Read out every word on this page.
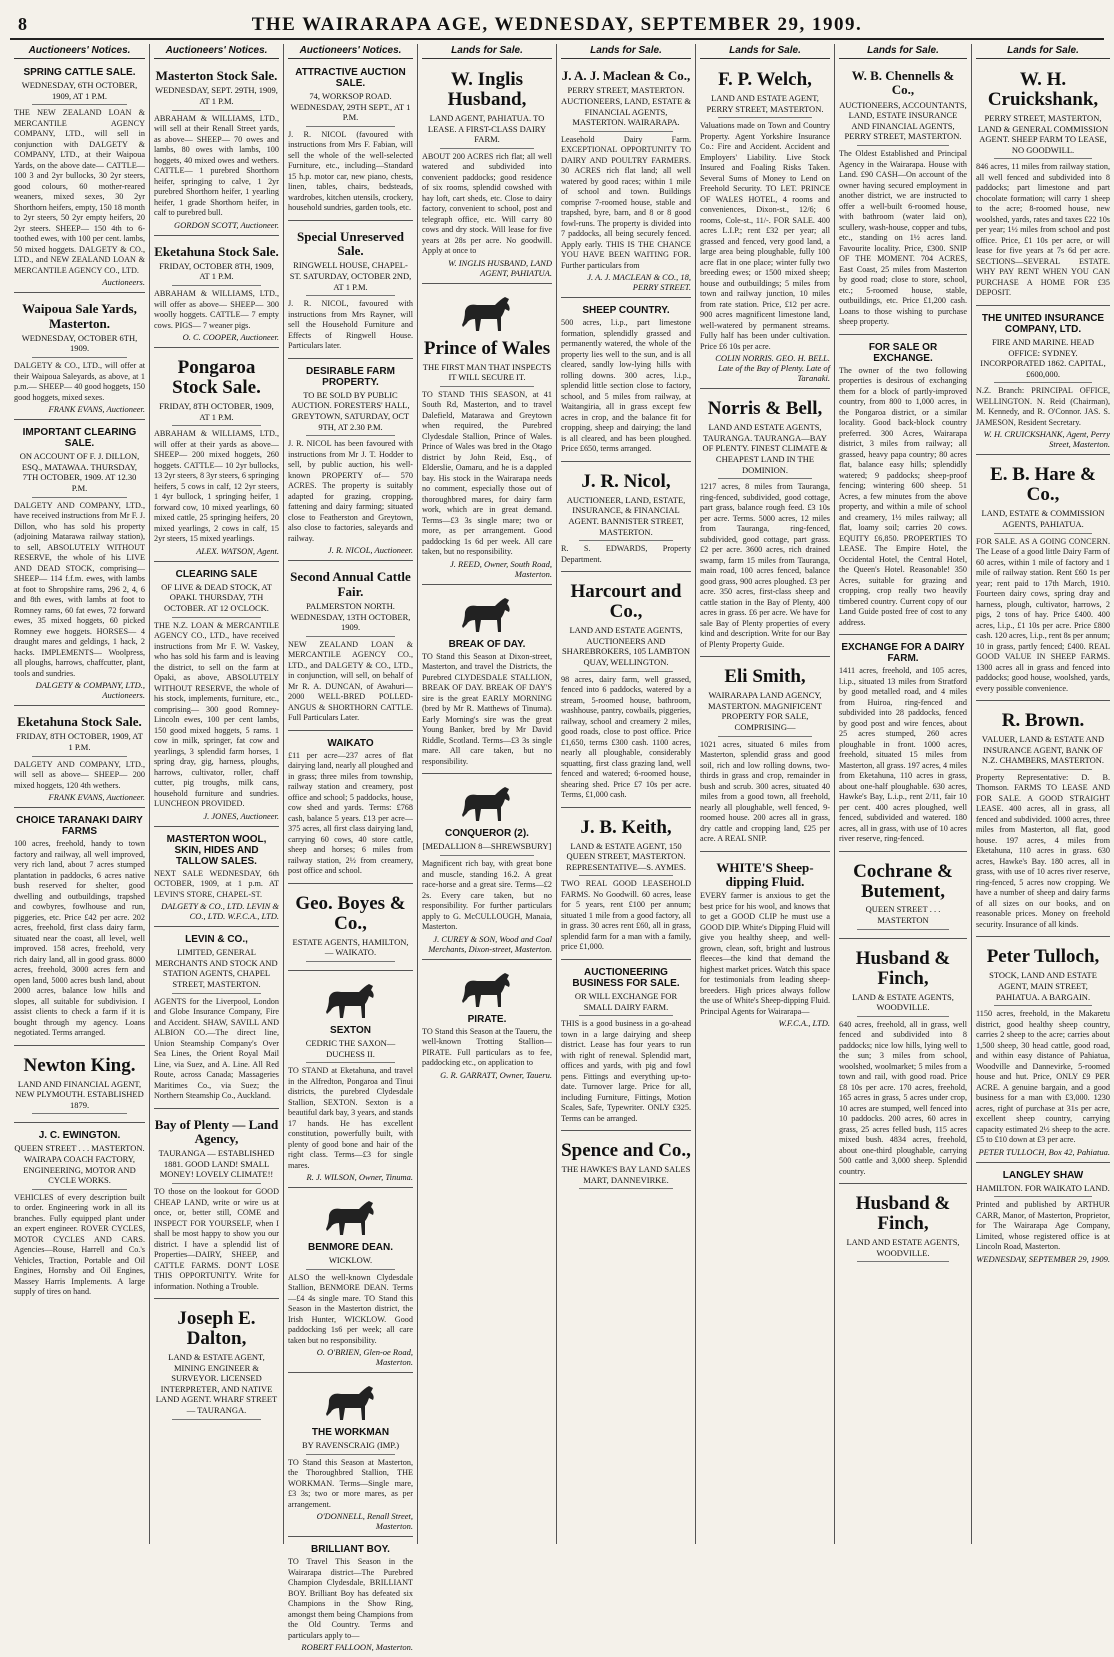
8	THE WAIRARAPA AGE, WEDNESDAY, SEPTEMBER 29, 1909.
Auctioneers' Notices.
SPRING CATTLE SALE.
WEDNESDAY, 6TH OCTOBER, 1909, AT 1 P.M.

THE NEW ZEALAND LOAN & MERCANTILE AGENCY COMPANY, LTD., will sell in conjunction with DALGETY & COMPANY, LTD., at their Waipoua Yards, on the above date— CATTLE— 100 3 and 2yr bullocks, 30 2yr steers, good colours, 60 mother-reared weaners, mixed sexes, 30 2yr Shorthorn heifers, empty, 150 18 month to 2yr steers, 50 2yr empty heifers, 20 2yr steers. SHEEP— 150 4th to 6-toothed ewes, with 100 per cent. lambs, 50 mixed hoggets. DALGETY & CO., LTD., and NEW ZEALAND LOAN & MERCANTILE AGENCY CO., LTD.

Auctioneers.
Waipoua Sale Yards, Masterton.
WEDNESDAY, OCTOBER 6TH, 1909.

DALGETY & CO., LTD., will offer at their Waipoua Saleyards, as above, at 1 p.m.— SHEEP— 40 good hoggets, 150 good hoggets, mixed sexes.

FRANK EVANS, Auctioneer.
IMPORTANT CLEARING SALE.
ON ACCOUNT OF F. J. DILLON, ESQ., MATAWAA. THURSDAY, 7TH OCTOBER, 1909. AT 12.30 P.M.

DALGETY AND COMPANY, LTD., have received instructions from Mr F. J. Dillon, who has sold his property (adjoining Matarawa railway station), to sell, ABSOLUTELY WITHOUT RESERVE, the whole of his LIVE AND DEAD STOCK, comprising— SHEEP— 114 f.f.m. ewes, with lambs at foot to Shropshire rams, 296 2, 4, 6 and 8th ewes, with lambs at foot to Romney rams, 60 fat ewes, 72 forward ewes, 35 mixed hoggets, 60 picked Romney ewe hoggets. HORSES— 4 draught mares and geldings, 1 hack, 2 hacks. IMPLEMENTS— Woolpress, all ploughs, harrows, chaffcutter, plant, tools and sundries.

DALGETY & COMPANY, LTD., Auctioneers.
Eketahuna Stock Sale.
FRIDAY, 8TH OCTOBER, 1909, AT 1 P.M.

DALGETY AND COMPANY, LTD., will sell as above— SHEEP— 200 mixed hoggets, 120 4th wethers.

FRANK EVANS, Auctioneer.
CHOICE TARANAKI DAIRY FARMS

100 acres, freehold, handy to town factory and railway, all well improved, very rich land, about 7 acres stumped plantation in paddocks, 6 acres native bush reserved for shelter, good dwelling and outbuildings, trapshed and cowbyres, fowlhouse and run, piggeries, etc. Price £42 per acre. 202 acres, freehold, first class dairy farm, situated near the coast, all level, well improved. 158 acres, freehold, very rich dairy land, all in good grass. 8000 acres, freehold, 3000 acres fern and open land, 5000 acres bush land, about 2000 acres, balance low hills and slopes, all suitable for subdivision. I assist clients to check a farm if it is bought through my agency. Loans negotiated. Terms arranged.

Newton King.
LAND AND FINANCIAL AGENT, NEW PLYMOUTH. ESTABLISHED 1879.
J. C. EWINGTON.
QUEEN STREET . . . MASTERTON. WAIRAPA COACH FACTORY, ENGINEERING, MOTOR AND CYCLE WORKS.

VEHICLES of every description built to order. Engineering work in all its branches. Fully equipped plant under an expert engineer. ROVER CYCLES, MOTOR CYCLES AND CARS. Agencies—Rouse, Harrell and Co.'s Vehicles, Traction, Portable and Oil Engines, Hornsby and Oil Engines, Massey Harris Implements. A large supply of tires on hand.

Auctioneers' Notices.
Masterton Stock Sale.
WEDNESDAY, SEPT. 29TH, 1909, AT 1 P.M.

ABRAHAM & WILLIAMS, LTD., will sell at their Renall Street yards, as above— SHEEP— 70 owes and lambs, 80 owes with lambs, 100 hoggets, 40 mixed owes and wethers. CATTLE— 1 purebred Shorthorn heifer, springing to calve, 1 2yr purebred Shorthorn heifer, 1 yearling heifer, 1 grade Shorthorn heifer, in calf to purebred bull.

GORDON SCOTT, Auctioneer.
Eketahuna Stock Sale.
FRIDAY, OCTOBER 8TH, 1909, AT 1 P.M.

ABRAHAM & WILLIAMS, LTD., will offer as above— SHEEP— 300 woolly hoggets. CATTLE— 7 empty cows. PIGS— 7 weaner pigs.

O. C. COOPER, Auctioneer.
Pongaroa Stock Sale.
FRIDAY, 8TH OCTOBER, 1909, AT 1 P.M.

ABRAHAM & WILLIAMS, LTD., will offer at their yards as above— SHEEP— 200 mixed hoggets, 260 hoggets. CATTLE— 10 2yr bullocks, 13 2yr steers, 8 3yr steers, 6 springing heifers, 5 cows in calf, 12 2yr steers, 1 4yr bullock, 1 springing heifer, 1 forward cow, 10 mixed yearlings, 60 mixed cattle, 25 springing heifers, 20 mixed yearlings, 2 cows in calf, 15 2yr steers, 15 mixed yearlings.

ALEX. WATSON, Agent.
CLEARING SALE
OF LIVE & DEAD STOCK, AT OPAKI. THURSDAY, 7TH OCTOBER. AT 12 O'CLOCK.

THE N.Z. LOAN & MERCANTILE AGENCY CO., LTD., have received instructions from Mr F. W. Vaskey, who has sold his farm and is leaving the district, to sell on the farm at Opaki, as above, ABSOLUTELY WITHOUT RESERVE, the whole of his stock, implements, furniture, etc., comprising— 300 good Romney-Lincoln ewes, 100 per cent lambs, 150 good mixed hoggets, 5 rams. 1 cow in milk, springer, fat cow and yearlings, 3 splendid farm horses, 1 spring dray, gig, harness, ploughs, harrows, cultivator, roller, chaff cutter, pig troughs, milk cans, household furniture and sundries. LUNCHEON PROVIDED.

J. JONES, Auctioneer.
MASTERTON WOOL, SKIN, HIDES AND TALLOW SALES.

NEXT SALE WEDNESDAY, 6th OCTOBER, 1909, at 1 p.m. AT LEVIN'S STORE, CHAPEL-ST.

DALGETY & CO., LTD. LEVIN & CO., LTD. W.F.C.A., LTD.
LEVIN & CO.,
LIMITED, GENERAL MERCHANTS AND STOCK AND STATION AGENTS, CHAPEL STREET, MASTERTON.

AGENTS for the Liverpool, London and Globe Insurance Company, Fire and Accident. SHAW, SAVILL AND ALBION CO.—The direct line, Union Steamship Company's Over Sea Lines, the Orient Royal Mail Line, via Suez, and A. Line. All Red Route, across Canada; Massageries Maritimes Co., via Suez; the Northern Steamship Co., Auckland.

Bay of Plenty — Land Agency,
TAURANGA — ESTABLISHED 1881. GOOD LAND! SMALL MONEY! LOVELY CLIMATE!!

TO those on the lookout for GOOD CHEAP LAND, write or wire us at once, or, better still, COME and INSPECT FOR YOURSELF, when I shall be most happy to show you our district. I have a splendid list of Properties—DAIRY, SHEEP, and CATTLE FARMS. DON'T LOSE THIS OPPORTUNITY. Write for information. Nothing a Trouble.

Joseph E. Dalton,
LAND & ESTATE AGENT, MINING ENGINEER & SURVEYOR. LICENSED INTERPRETER, AND NATIVE LAND AGENT. WHARF STREET — TAURANGA.
Auctioneers' Notices.
ATTRACTIVE AUCTION SALE.
74, WORKSOP ROAD. WEDNESDAY, 29TH SEPT., AT 1 P.M.

J. R. NICOL (favoured with instructions from Mrs F. Fabian, will sell the whole of the well-selected Furniture, etc., including—Standard 15 h.p. motor car, new piano, chests, linen, tables, chairs, bedsteads, wardrobes, kitchen utensils, crockery, household sundries, garden tools, etc.

Special Unreserved Sale.
RINGWELL HOUSE, CHAPEL-ST. SATURDAY, OCTOBER 2ND, AT 1 P.M.

J. R. NICOL, favoured with instructions from Mrs Rayner, will sell the Household Furniture and Effects of Ringwell House. Particulars later.

DESIRABLE FARM PROPERTY.
TO BE SOLD BY PUBLIC AUCTION. FORESTERS' HALL, GREYTOWN, SATURDAY, OCT 9TH, AT 2.30 P.M.

J. R. NICOL has been favoured with instructions from Mr J. T. Hodder to sell, by public auction, his well-known PROPERTY of— 570 ACRES. The property is suitably adapted for grazing, cropping, fattening and dairy farming; situated close to Featherston and Greytown, also close to factories, saleyards and railway.

J. R. NICOL, Auctioneer.
Second Annual Cattle Fair.
PALMERSTON NORTH. WEDNESDAY, 13TH OCTOBER, 1909.

NEW ZEALAND LOAN & MERCANTILE AGENCY CO., LTD., and DALGETY & CO., LTD., in conjunction, will sell, on behalf of Mr R. A. DUNCAN, of Awahuri— 2000 WELL-BRED POLLED-ANGUS & SHORTHORN CATTLE. Full Particulars Later.

WAIKATO

£11 per acre—237 acres of flat dairying land, nearly all ploughed and in grass; three miles from township, railway station and creamery, post office and school; 5 paddocks, house, cow shed and yards. Terms: £768 cash, balance 5 years. £13 per acre—375 acres, all first class dairying land, carrying 60 cows, 40 store cattle, sheep and horses; 6 miles from railway station, 2½ from creamery, post office and school.

Geo. Boyes & Co.,
ESTATE AGENTS, HAMILTON, — WAIKATO.
SEXTON
CEDRIC THE SAXON—DUCHESS II.

TO STAND at Eketahuna, and travel in the Alfredton, Pongaroa and Tinui districts, the purebred Clydesdale Stallion, SEXTON. Sexton is a beautiful dark bay, 3 years, and stands 17 hands. He has excellent constitution, powerfully built, with plenty of good bone and hair of the right class. Terms—£3 for single mares.

R. J. WILSON, Owner, Tinuma.
BENMORE DEAN.
WICKLOW.

ALSO the well-known Clydesdale Stallion, BENMORE DEAN. Terms—£4 4s single mare. TO Stand this Season in the Masterton district, the Irish Hunter, WICKLOW. Good paddocking 1s6 per week; all care taken but no responsibility.

O. O'BRIEN, Glen-oe Road, Masterton.
THE WORKMAN
BY RAVENSCRAIG (IMP.)

TO Stand this Season at Masterton, the Thoroughbred Stallion, THE WORKMAN. Terms—Single mare, £3 3s; two or more mares, as per arrangement.

O'DONNELL, Renall Street, Masterton.
BRILLIANT BOY.

TO Travel This Season in the Wairarapa district—The Purebred Champion Clydesdale, BRILLIANT BOY. Brilliant Boy has defeated six Champions in the Show Ring, amongst them being Champions from the Old Country. Terms and particulars apply to—

ROBERT FALLOON, Masterton.
Lands for Sale.
W. Inglis Husband,
LAND AGENT, PAHIATUA. TO LEASE. A FIRST-CLASS DAIRY FARM.

ABOUT 200 ACRES rich flat; all well watered and subdivided into convenient paddocks; good residence of six rooms, splendid cowshed with hay loft, cart sheds, etc. Close to dairy factory, convenient to school, post and telegraph office, etc. Will carry 80 cows and dry stock. Will lease for five years at 28s per acre. No goodwill. Apply at once to

W. INGLIS HUSBAND, LAND AGENT, PAHIATUA.
Prince of Wales
THE FIRST MAN THAT INSPECTS IT WILL SECURE IT.

TO STAND THIS SEASON, at 41 South Rd, Masterton, and to travel Dalefield, Matarawa and Greytown when required, the Purebred Clydesdale Stallion, Prince of Wales. Prince of Wales was bred in the Otago district by John Reid, Esq., of Elderslie, Oamaru, and he is a dappled bay. His stock in the Wairarapa needs no comment, especially those out of thoroughbred mares, for dairy farm work, which are in great demand. Terms—£3 3s single mare; two or more, as per arrangement. Good paddocking 1s 6d per week. All care taken, but no responsibility.

J. REED, Owner, South Road, Masterton.
BREAK OF DAY.

TO Stand this Season at Dixon-street, Masterton, and travel the Districts, the Purebred CLYDESDALE STALLION, BREAK OF DAY. BREAK OF DAY'S sire is the great EARLY MORNING (bred by Mr R. Matthews of Tinuma). Early Morning's sire was the great Young Banker, bred by Mr David Riddle, Scotland. Terms—£3 3s single mare. All care taken, but no responsibility.

CONQUEROR (2).
[MEDALLION 8—SHREWSBURY]

Magnificent rich bay, with great bone and muscle, standing 16.2. A great race-horse and a great sire. Terms—£2 2s. Every care taken, but no responsibility. For further particulars apply to G. McCULLOUGH, Manaia, Masterton.

J. CUREY & SON, Wood and Coal Merchants, Dixon-street, Masterton.
PIRATE.

TO Stand this Season at the Taueru, the well-known Trotting Stallion—PIRATE. Full particulars as to fee, paddocking etc., on application to

G. R. GARRATT, Owner, Taueru.
Lands for Sale.
J. A. J. Maclean & Co.,
PERRY STREET, MASTERTON. AUCTIONEERS, LAND, ESTATE & FINANCIAL AGENTS, MASTERTON. WAIRARAPA.

Leasehold Dairy Farm. EXCEPTIONAL OPPORTUNITY TO DAIRY AND POULTRY FARMERS. 30 ACRES rich flat land; all well watered by good races; within 1 mile of school and town. Buildings comprise 7-roomed house, stable and trapshed, byre, barn, and 8 or 8 good fowl-runs. The property is divided into 7 paddocks, all being securely fenced. Apply early. THIS IS THE CHANCE YOU HAVE BEEN WAITING FOR. Further particulars from

J. A. J. MACLEAN & CO., 18, PERRY STREET.
SHEEP COUNTRY.

500 acres, l.i.p., part limestone formation, splendidly grassed and permanently watered, the whole of the property lies well to the sun, and is all cleared, sandly low-lying hills with rolling downs. 300 acres, l.i.p., splendid little section close to factory, school, and 5 miles from railway, at Waitangiria, all in grass except few acres in crop, and the balance fit for cropping, sheep and dairying; the land is all cleared, and has been ploughed. Price £650, terms arranged.

J. R. Nicol,
AUCTIONEER, LAND, ESTATE, INSURANCE, & FINANCIAL AGENT. BANNISTER STREET, MASTERTON.

R. S. EDWARDS, Property Department.

Harcourt and Co.,
LAND AND ESTATE AGENTS, AUCTIONEERS AND SHAREBROKERS, 105 LAMBTON QUAY, WELLINGTON.

98 acres, dairy farm, well grassed, fenced into 6 paddocks, watered by a stream, 5-roomed house, bathroom, washhouse, pantry, cowbails, piggeries, railway, school and creamery 2 miles, good roads, close to post office. Price £1,650, terms £300 cash. 1100 acres, nearly all ploughable, considerably squatting, first class grazing land, well fenced and watered; 6-roomed house, shearing shed. Price £7 10s per acre. Terms, £1,000 cash.

J. B. Keith,
LAND & ESTATE AGENT, 150 QUEEN STREET, MASTERTON. REPRESENTATIVE—S. AYMES.

TWO REAL GOOD LEASEHOLD FARMS. No Goodwill. 60 acres, lease for 5 years, rent £100 per annum; situated 1 mile from a good factory, all in grass. 30 acres rent £60, all in grass, splendid farm for a man with a family, price £1,000.

AUCTIONEERING BUSINESS FOR SALE.
OR WILL EXCHANGE FOR SMALL DAIRY FARM.

THIS is a good business in a go-ahead town in a large dairying and sheep district. Lease has four years to run with right of renewal. Splendid mart, offices and yards, with pig and fowl pens. Fittings and everything up-to-date. Turnover large. Price for all, including Furniture, Fittings, Motion Scales, Safe, Typewriter. ONLY £325. Terms can be arranged.

Spence and Co.,
THE HAWKE'S BAY LAND SALES MART, DANNEVIRKE.
Lands for Sale.
F. P. Welch,
LAND AND ESTATE AGENT, PERRY STREET, MASTERTON.

Valuations made on Town and Country Property. Agent Yorkshire Insurance Co.: Fire and Accident. Accident and Employers' Liability. Live Stock Insured and Foaling Risks Taken. Several Sums of Money to Lend on Freehold Security. TO LET. PRINCE OF WALES HOTEL, 4 rooms and conveniences, Dixon-st., 12/6; 6 rooms, Cole-st., 11/-. FOR SALE. 400 acres L.I.P.; rent £32 per year; all grassed and fenced, very good land, a large area being ploughable, fully 100 acre flat in one place; winter fully two breeding ewes; or 1500 mixed sheep; house and outbuildings; 5 miles from town and railway junction, 10 miles from rate station. Price, £12 per acre. 900 acres magnificent limestone land, well-watered by permanent streams. Fully half has been under cultivation. Price £6 10s per acre.

COLIN NORRIS. GEO. H. BELL. Late of the Bay of Plenty. Late of Taranaki.
Norris & Bell,
LAND AND ESTATE AGENTS, TAURANGA. TAURANGA—BAY OF PLENTY. FINEST CLIMATE & CHEAPEST LAND IN THE DOMINION.

1217 acres, 8 miles from Tauranga, ring-fenced, subdivided, good cottage, part grass, balance rough feed. £3 10s per acre. Terms. 5000 acres, 12 miles from Tauranga, ring-fenced, subdivided, good cottage, part grass. £2 per acre. 3600 acres, rich drained swamp, farm 15 miles from Tauranga, main road, 100 acres fenced, balance good grass, 900 acres ploughed. £3 per acre. 350 acres, first-class sheep and cattle station in the Bay of Plenty, 400 acres in grass. £6 per acre. We have for sale Bay of Plenty properties of every kind and description. Write for our Bay of Plenty Property Guide.

Eli Smith,
WAIRARAPA LAND AGENCY, MASTERTON. MAGNIFICENT PROPERTY FOR SALE, COMPRISING—

1021 acres, situated 6 miles from Masterton, splendid grass and good soil, rich and low rolling downs, two-thirds in grass and crop, remainder in bush and scrub. 300 acres, situated 40 miles from a good town, all freehold, nearly all ploughable, well fenced, 9-roomed house. 200 acres all in grass, dry cattle and cropping land, £25 per acre. A REAL SNIP.

WHITE'S Sheep-dipping Fluid.

EVERY farmer is anxious to get the best price for his wool, and knows that to get a GOOD CLIP he must use a GOOD DIP. White's Dipping Fluid will give you healthy sheep, and well-grown, clean, soft, bright and lustrous fleeces—the kind that demand the highest market prices. Watch this space for testimonials from leading sheep-breeders. High prices always follow the use of White's Sheep-dipping Fluid. Principal Agents for Wairarapa—

W.F.C.A., LTD.
Lands for Sale.
W. B. Chennells & Co.,
AUCTIONEERS, ACCOUNTANTS, LAND, ESTATE INSURANCE AND FINANCIAL AGENTS, PERRY STREET, MASTERTON.

The Oldest Established and Principal Agency in the Wairarapa. House with Land. £90 CASH—On account of the owner having secured employment in another district, we are instructed to offer a well-built 6-roomed house, with bathroom (water laid on), scullery, wash-house, copper and tubs, etc., standing on 1½ acres land. Favourite locality. Price, £300. SNIP OF THE MOMENT. 704 ACRES, East Coast, 25 miles from Masterton by good road; close to store, school, etc.; 5-roomed house, stable, outbuildings, etc. Price £1,200 cash. Loans to those wishing to purchase sheep property.

FOR SALE OR EXCHANGE.

The owner of the two following properties is desirous of exchanging them for a block of partly-improved country, from 800 to 1,000 acres, in the Pongaroa district, or a similar locality. Good back-block country preferred. 300 Acres, Wairarapa district, 3 miles from railway; all grassed, heavy papa country; 80 acres flat, balance easy hills; splendidly watered; 9 paddocks; sheep-proof fencing; wintering 600 sheep. 51 Acres, a few minutes from the above property, and within a mile of school and creamery, 1½ miles railway; all flat, loamy soil; carries 20 cows. EQUITY £6,850. PROPERTIES TO LEASE. The Empire Hotel, the Occidental Hotel, the Central Hotel, the Queen's Hotel. Reasonable! 350 Acres, suitable for grazing and cropping, crop really two heavily timbered country. Current copy of our Land Guide posted free of cost to any address.

EXCHANGE FOR A DAIRY FARM.

1411 acres, freehold, and 105 acres, l.i.p., situated 13 miles from Stratford by good metalled road, and 4 miles from Huiroa, ring-fenced and subdivided into 28 paddocks, fenced by good post and wire fences, about 25 acres stumped, 260 acres ploughable in front. 1000 acres, freehold, situated 15 miles from Masterton, all grass. 197 acres, 4 miles from Eketahuna, 110 acres in grass, about one-half ploughable. 630 acres, Hawke's Bay, L.i.p., rent 2/11, fair 10 per cent. 400 acres ploughed, well fenced, subdivided and watered. 180 acres, all in grass, with use of 10 acres river reserve, ring-fenced.

Cochrane & Butement,
QUEEN STREET . . . MASTERTON
Husband & Finch,
LAND & ESTATE AGENTS, WOODVILLE.

640 acres, freehold, all in grass, well fenced and subdivided into 8 paddocks; nice low hills, lying well to the sun; 3 miles from school, woolshed, woolmarket; 5 miles from a town and rail, with good road. Price £8 10s per acre. 170 acres, freehold, 165 acres in grass, 5 acres under crop, 10 acres are stumped, well fenced into 10 paddocks. 200 acres, 60 acres in grass, 25 acres felled bush, 115 acres mixed bush. 4834 acres, freehold, about one-third ploughable, carrying 500 cattle and 3,000 sheep. Splendid country.

Husband & Finch,
LAND AND ESTATE AGENTS, WOODVILLE.
Lands for Sale.
W. H. Cruickshank,
PERRY STREET, MASTERTON, LAND & GENERAL COMMISSION AGENT. SHEEP FARM TO LEASE, NO GOODWILL.

846 acres, 11 miles from railway station, all well fenced and subdivided into 8 paddocks; part limestone and part chocolate formation; will carry 1 sheep to the acre; 8-roomed house, new woolshed, yards, rates and taxes £22 10s per year; 1½ miles from school and post office. Price, £1 10s per acre, or will lease for five years at 7s 6d per acre. SECTIONS—SEVERAL ESTATE. WHY PAY RENT WHEN YOU CAN PURCHASE A HOME FOR £35 DEPOSIT.

THE UNITED INSURANCE COMPANY, LTD.
FIRE AND MARINE. HEAD OFFICE: SYDNEY. INCORPORATED 1862. CAPITAL, £600,000.

N.Z. Branch: PRINCIPAL OFFICE, WELLINGTON. N. Reid (Chairman), M. Kennedy, and R. O'Connor. JAS. S. JAMESON, Resident Secretary.

W. H. CRUICKSHANK, Agent, Perry Street, Masterton.
E. B. Hare & Co.,
LAND, ESTATE & COMMISSION AGENTS, PAHIATUA.

FOR SALE. AS A GOING CONCERN. The Lease of a good little Dairy Farm of 60 acres, within 1 mile of factory and 1 mile of railway station. Rent £60 1s per year; rent paid to 17th March, 1910. Fourteen dairy cows, spring dray and harness, plough, cultivator, harrows, 2 pigs, 2 tons of hay. Price £400. 400 acres, l.i.p., £1 10s per acre. Price £800 cash. 120 acres, l.i.p., rent 8s per annum; 10 in grass, partly fenced; £400. REAL GOOD VALUE IN SHEEP FARMS. 1300 acres all in grass and fenced into paddocks; good house, woolshed, yards, every possible convenience.

R. Brown.
VALUER, LAND & ESTATE AND INSURANCE AGENT, BANK OF N.Z. CHAMBERS, MASTERTON.

Property Representative: D. B. Thomson. FARMS TO LEASE AND FOR SALE. A GOOD STRAIGHT LEASE. 400 acres, all in grass, all fenced and subdivided. 1000 acres, three miles from Masterton, all flat, good house. 197 acres, 4 miles from Eketahuna, 110 acres in grass. 630 acres, Hawke's Bay. 180 acres, all in grass, with use of 10 acres river reserve, ring-fenced, 5 acres now cropping. We have a number of sheep and dairy farms of all sizes on our books, and on reasonable prices. Money on freehold security. Insurance of all kinds.

Peter Tulloch,
STOCK, LAND AND ESTATE AGENT, MAIN STREET, PAHIATUA. A BARGAIN.

1150 acres, freehold, in the Makaretu district, good healthy sheep country, carries 2 sheep to the acre; carries about 1,500 sheep, 30 head cattle, good road, and within easy distance of Pahiatua, Woodville and Dannevirke, 5-roomed house and hut. Price, ONLY £9 PER ACRE. A genuine bargain, and a good business for a man with £3,000. 1230 acres, right of purchase at 31s per acre, excellent sheep country, carrying capacity estimated 2½ sheep to the acre. £5 to £10 down at £3 per acre.

PETER TULLOCH, Box 42, Pahiatua.
LANGLEY SHAW
HAMILTON. FOR WAIKATO LAND.

Printed and published by ARTHUR CARR, Manor, of Masterton, Proprietor, for The Wairarapa Age Company, Limited, whose registered office is at Lincoln Road, Masterton.

WEDNESDAY, SEPTEMBER 29, 1909.
